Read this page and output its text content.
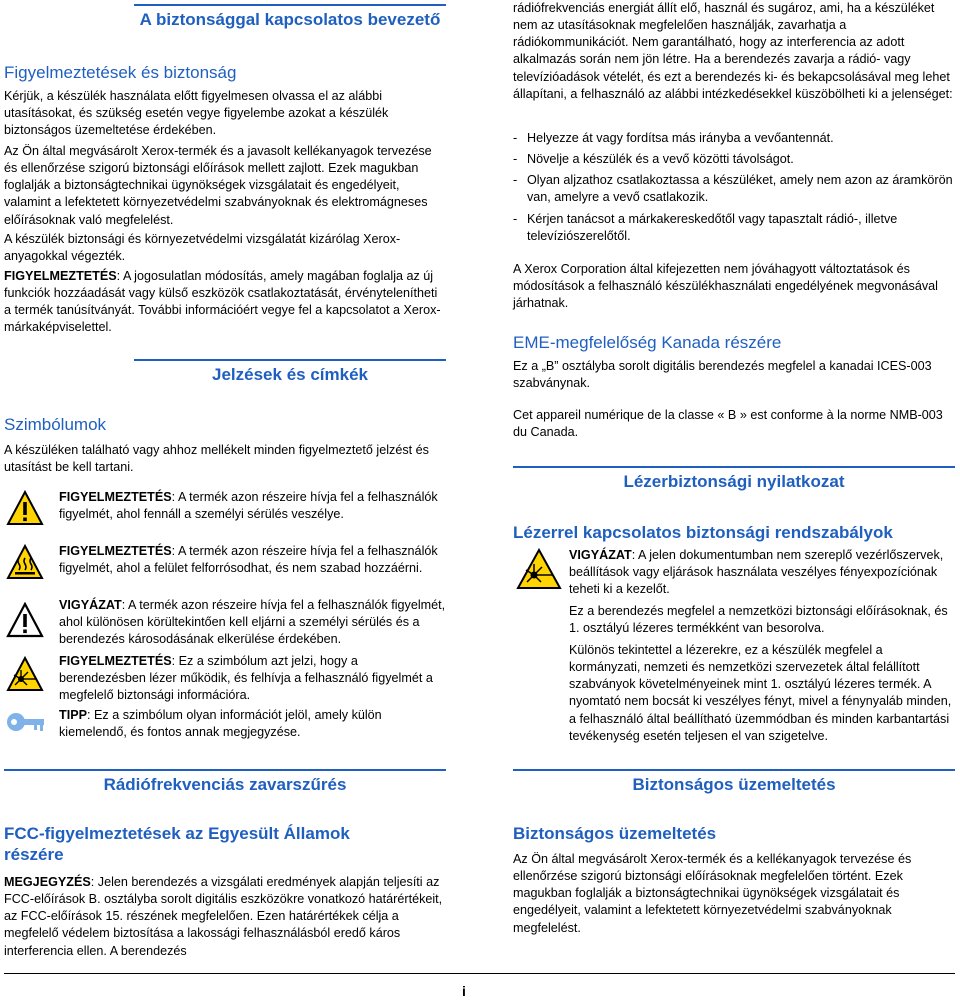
A biztonsággal kapcsolatos bevezető
Figyelmeztetések és biztonság

Kérjük, a készülék használata előtt figyelmesen olvassa el az alábbi utasításokat, és szükség esetén vegye figyelembe azokat a készülék biztonságos üzemeltetése érdekében.

Az Ön által megvásárolt Xerox-termék és a javasolt kellékanyagok tervezése és ellenőrzése szigorú biztonsági előírások mellett zajlott. Ezek magukban foglalják a biztonságtechnikai ügynökségek vizsgálatait és engedélyeit, valamint a lefektetett környezetvédelmi szabványoknak és elektromágneses előírásoknak való megfelelést.

A készülék biztonsági és környezetvédelmi vizsgálatát kizárólag Xerox-anyagokkal végezték.

FIGYELMEZTETÉS: A jogosulatlan módosítás, amely magában foglalja az új funkciók hozzáadását vagy külső eszközök csatlakoztatását, érvénytelenítheti a termék tanúsítványát. További információért vegye fel a kapcsolatot a Xerox-márkaképviselettel.

Jelzések és címkék
Szimbólumok

A készüléken található vagy ahhoz mellékelt minden figyelmeztető jelzést és utasítást be kell tartani.

FIGYELMEZTETÉS: A termék azon részeire hívja fel a felhasználók figyelmét, ahol fennáll a személyi sérülés veszélye.

FIGYELMEZTETÉS: A termék azon részeire hívja fel a felhasználók figyelmét, ahol a felület felforrósodhat, és nem szabad hozzáérni.

VIGYÁZAT: A termék azon részeire hívja fel a felhasználók figyelmét, ahol különösen körültekintően kell eljárni a személyi sérülés és a berendezés károsodásának elkerülése érdekében.

FIGYELMEZTETÉS: Ez a szimbólum azt jelzi, hogy a berendezésben lézer működik, és felhívja a felhasználó figyelmét a megfelelő biztonsági információra.

TIPP: Ez a szimbólum olyan információt jelöl, amely külön kiemelendő, és fontos annak megjegyzése.

Rádiófrekvenciás zavarszűrés
FCC-figyelmeztetések az Egyesült Államok részére

MEGJEGYZÉS: Jelen berendezés a vizsgálati eredmények alapján teljesíti az FCC-előírások B. osztályba sorolt digitális eszközökre vonatkozó határértékeit, az FCC-előírások 15. részének megfelelően. Ezen határértékek célja a megfelelő védelem biztosítása a lakossági felhasználásból eredő káros interferencia ellen. A berendezés

rádiófrekvenciás energiát állít elő, használ és sugároz, ami, ha a készüléket nem az utasításoknak megfelelően használják, zavarhatja a rádiókommunikációt. Nem garantálható, hogy az interferencia az adott alkalmazás során nem jön létre. Ha a berendezés zavarja a rádió- vagy televízióadások vételét, és ezt a berendezés ki- és bekapcsolásával meg lehet állapítani, a felhasználó az alábbi intézkedésekkel küszöbölheti ki a jelenséget:

- Helyezze át vagy fordítsa más irányba a vevőantennát.
- Növelje a készülék és a vevő közötti távolságot.
- Olyan aljzathoz csatlakoztassa a készüléket, amely nem azon az áramkörön van, amelyre a vevő csatlakozik.
- Kérjen tanácsot a márkakereskedőtől vagy tapasztalt rádió-, illetve televíziószerelőtől.

A Xerox Corporation által kifejezetten nem jóváhagyott változtatások és módosítások a felhasználó készülékhasználati engedélyének megvonásával járhatnak.

EME-megfelelőség Kanada részére

Ez a „B” osztályba sorolt digitális berendezés megfelel a kanadai ICES-003 szabványnak.

Cet appareil numérique de la classe « B » est conforme à la norme NMB-003 du Canada.

Lézerbiztonsági nyilatkozat
Lézerrel kapcsolatos biztonsági rendszabályok

VIGYÁZAT: A jelen dokumentumban nem szereplő vezérlőszervek, beállítások vagy eljárások használata veszélyes fényexpozíciónak teheti ki a kezelőt.

Ez a berendezés megfelel a nemzetközi biztonsági előírásoknak, és 1. osztályú lézeres termékként van besorolva.

Különös tekintettel a lézerekre, ez a készülék megfelel a kormányzati, nemzeti és nemzetközi szervezetek által felállított szabványok követelményeinek mint 1. osztályú lézeres termék. A nyomtató nem bocsát ki veszélyes fényt, mivel a fénynyaláb minden, a felhasználó által beállítható üzemmódban és minden karbantartási tevékenység esetén teljesen el van szigetelve.

Biztonságos üzemeltetés
Biztonságos üzemeltetés

Az Ön által megvásárolt Xerox-termék és a kellékanyagok tervezése és ellenőrzése szigorú biztonsági előírásoknak megfelelően történt. Ezek magukban foglalják a biztonságtechnikai ügynökségek vizsgálatait és engedélyeit, valamint a lefektetett környezetvédelmi szabványoknak megfelelést.

i
